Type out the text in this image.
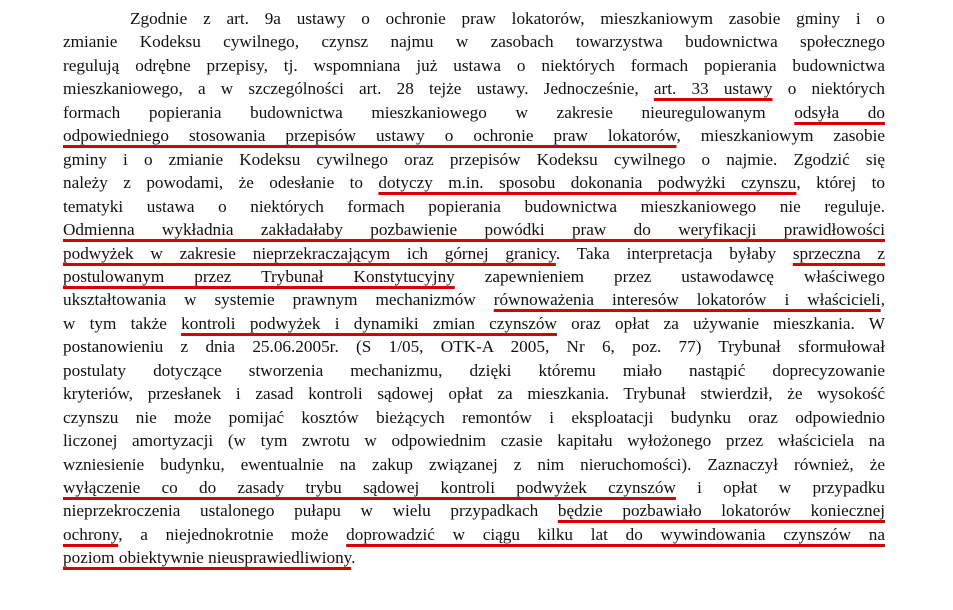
Zgodnie z art. 9a ustawy o ochronie praw lokatorów, mieszkaniowym zasobie gminy i o
zmianie Kodeksu cywilnego, czynsz najmu w zasobach towarzystwa budownictwa społecznego
regulują odrębne przepisy, tj. wspomniana już ustawa o niektórych formach popierania budownictwa
mieszkaniowego, a w szczególności art. 28 tejże ustawy. Jednocześnie, art. 33 ustawy o niektórych
formach popierania budownictwa mieszkaniowego w zakresie nieuregulowanym odsyła do
odpowiedniego stosowania przepisów ustawy o ochronie praw lokatorów, mieszkaniowym zasobie
gminy i o zmianie Kodeksu cywilnego oraz przepisów Kodeksu cywilnego o najmie. Zgodzić się
należy z powodami, że odesłanie to dotyczy m.in. sposobu dokonania podwyżki czynszu, której to
tematyki ustawa o niektórych formach popierania budownictwa mieszkaniowego nie reguluje.
Odmienna wykładnia zakładałaby pozbawienie powódki praw do weryfikacji prawidłowości
podwyżek w zakresie nieprzekraczającym ich górnej granicy. Taka interpretacja byłaby sprzeczna z
postulowanym przez Trybunał Konstytucyjny zapewnieniem przez ustawodawcę właściwego
ukształtowania w systemie prawnym mechanizmów równoważenia interesów lokatorów i właścicieli,
w tym także kontroli podwyżek i dynamiki zmian czynszów oraz opłat za używanie mieszkania. W
postanowieniu z dnia 25.06.2005r. (S 1/05, OTK-A 2005, Nr 6, poz. 77) Trybunał sformułował
postulaty dotyczące stworzenia mechanizmu, dzięki któremu miało nastąpić doprecyzowanie
kryteriów, przesłanek i zasad kontroli sądowej opłat za mieszkania. Trybunał stwierdził, że wysokość
czynszu nie może pomijać kosztów bieżących remontów i eksploatacji budynku oraz odpowiednio
liczonej amortyzacji (w tym zwrotu w odpowiednim czasie kapitału wyłożonego przez właściciela na
wzniesienie budynku, ewentualnie na zakup związanej z nim nieruchomości). Zaznaczył również, że
wyłączenie co do zasady trybu sądowej kontroli podwyżek czynszów i opłat w przypadku
nieprzekroczenia ustalonego pułapu w wielu przypadkach będzie pozbawiało lokatorów koniecznej
ochrony, a niejednokrotnie może doprowadzić w ciągu kilku lat do wywindowania czynszów na
poziom obiektywnie nieusprawiedliwiony.
